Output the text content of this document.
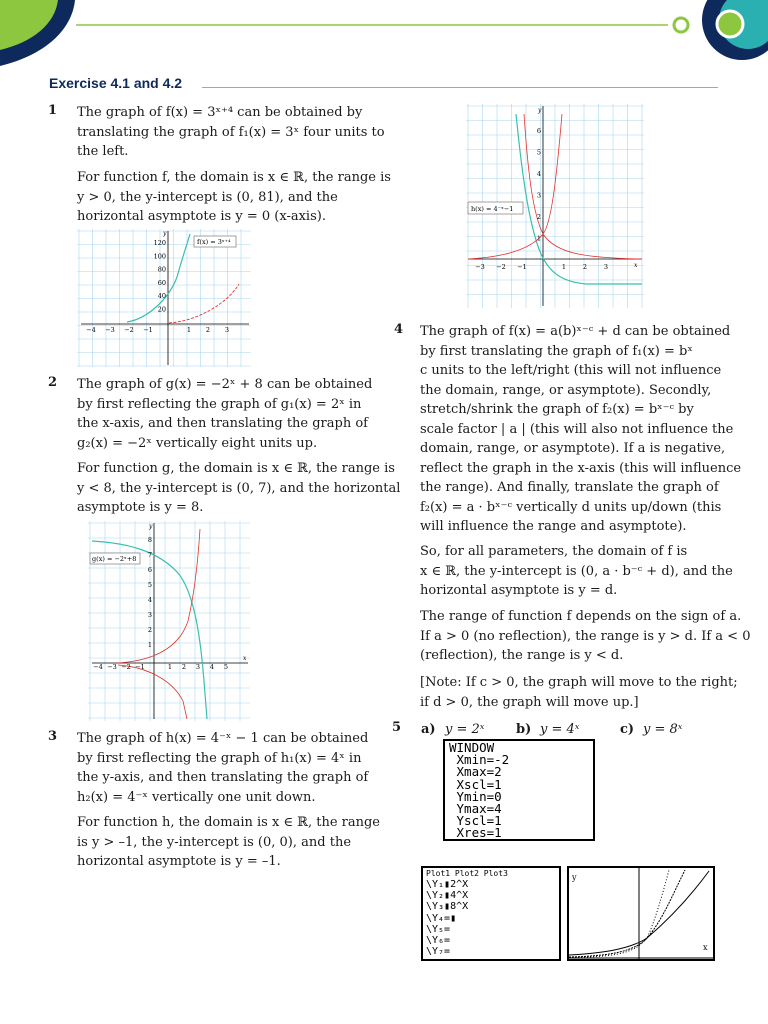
Exercise 4.1 and 4.2
1 The graph of f(x) = 3ˣ⁺⁴ can be obtained by
translating the graph of f₁(x) = 3ˣ four units to
the left.
For function f, the domain is x ∈ ℝ, the range is
y > 0, the y-intercept is (0, 81), and the
horizontal asymptote is y = 0 (x-axis).
120
100
80
60
40
20
−4 −3 −2 −1	1 2 3
f(x) = 3ˣ⁺⁴
y
2 The graph of g(x) = −2ˣ + 8 can be obtained
by first reflecting the graph of g₁(x) = 2ˣ in
the x-axis, and then translating the graph of
g₂(x) = −2ˣ vertically eight units up.
For function g, the domain is x ∈ ℝ, the range is
y < 8, the y-intercept is (0, 7), and the horizontal
asymptote is y = 8.
8
7
6
5
4
3
2
1
−4 −3 −2 −1	1 2 3 4 5
g(x) = −2ˣ+8
y
x
3 The graph of h(x) = 4⁻ˣ − 1 can be obtained
by first reflecting the graph of h₁(x) = 4ˣ in
the y-axis, and then translating the graph of
h₂(x) = 4⁻ˣ vertically one unit down.
For function h, the domain is x ∈ ℝ, the range
is y > –1, the y-intercept is (0, 0), and the
horizontal asymptote is y = –1.
6
5
4
3
2
1
−3 −2 −1	1	2	3
h(x) = 4⁻ˣ−1
y
x
4 The graph of f(x) = a(b)ˣ⁻ᶜ + d can be obtained
by first translating the graph of f₁(x) = bˣ
c units to the left/right (this will not influence
the domain, range, or asymptote). Secondly,
stretch/shrink the graph of f₂(x) = bˣ⁻ᶜ by
scale factor | a | (this will also not influence the
domain, range, or asymptote). If a is negative,
reflect the graph in the x-axis (this will influence
the range). And finally, translate the graph of
f₂(x) = a · bˣ⁻ᶜ vertically d units up/down (this
will influence the range and asymptote).
So, for all parameters, the domain of f is
x ∈ ℝ, the y-intercept is (0, a · b⁻ᶜ + d), and the
horizontal asymptote is y = d.
The range of function f depends on the sign of a.
If a > 0 (no reflection), the range is y > d. If a < 0
(reflection), the range is y < d.
[Note: If c > 0, the graph will move to the right;
if d > 0, the graph will move up.]
5 a) y = 2ˣ b) y = 4ˣ	c) y = 8ˣ
WINDOW
Xmin=-2
Xmax=2
Xscl=1
Ymin=0
Ymax=4
Yscl=1
Xres=1
Plot1 Plot2 Plot3
\Y₁▮2^X
\Y₂▮4^X
\Y₃▮8^X
\Y₄=▮
\Y₅=
\Y₆=
\Y₇=
y
x
